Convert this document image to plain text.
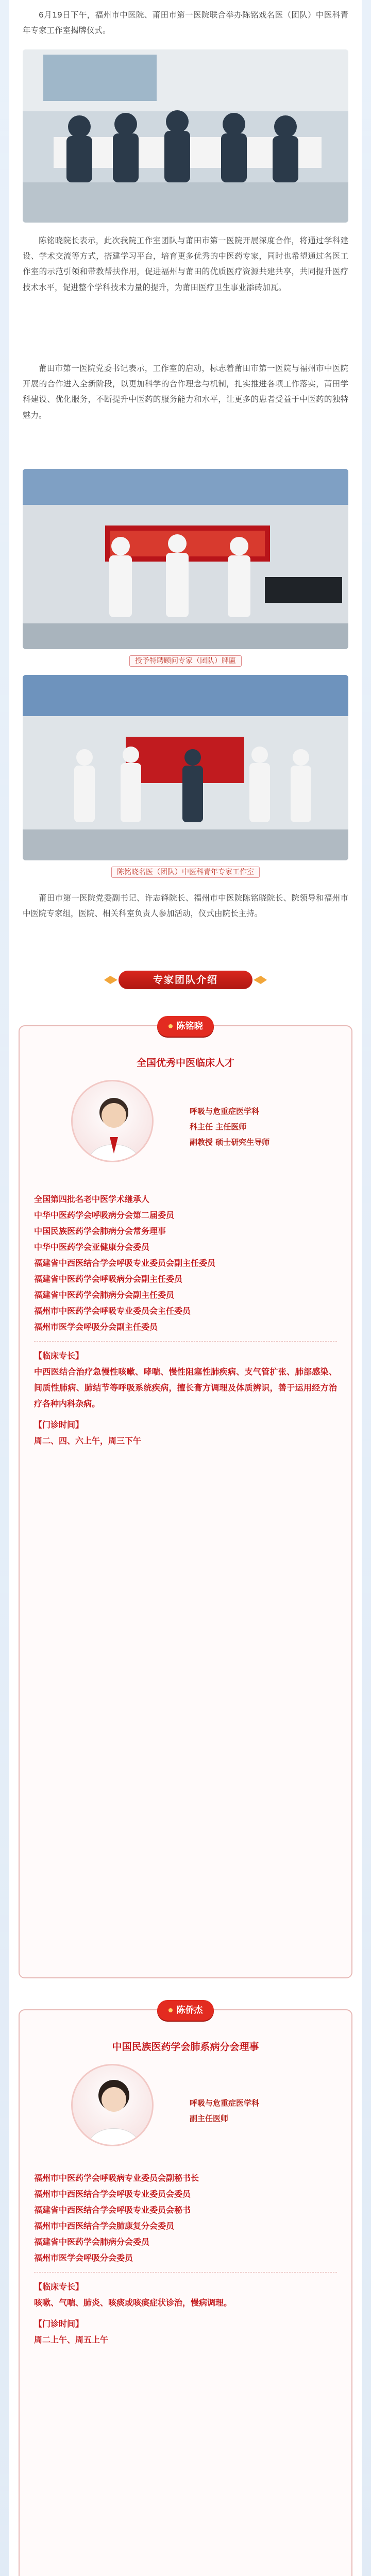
6月19日下午，福州市中医院、莆田市第一医院联合举办陈铭戏名医（团队）中医科青年专家工作室揭牌仪式。

陈铭晓院长表示，此次我院工作室团队与莆田市第一医院开展深度合作，将通过学科建设、学术交流等方式，搭建学习平台，培育更多优秀的中医药专家，同时也希望通过名医工作室的示范引领和带教帮扶作用，促进福州与莆田的优质医疗资源共建共享，共同提升医疗技术水平，促进整个学科技术力量的提升，为莆田医疗卫生事业添砖加瓦。

莆田市第一医院党委书记表示，工作室的启动，标志着莆田市第一医院与福州市中医院开展的合作进入全新阶段，以更加科学的合作理念与机制，扎实推进各项工作落实，莆田学科建设、优化服务，不断提升中医药的服务能力和水平，让更多的患者受益于中医药的独特魅力。

授予特聘顾问专家（团队）牌匾
陈铭晓名医（团队）中医科青年专家工作室

莆田市第一医院党委副书记、许志锋院长、福州市中医院陈铭晓院长、院领导和福州市中医院专家组，医院、相关科室负责人参加活动，仪式由院长主持。

专家团队介绍
陈铭晓
全国优秀中医临床人才
呼吸与危重症医学科
科主任 主任医师
副教授 硕士研究生导师
全国第四批名老中医学术继承人
中华中医药学会呼吸病分会第二届委员
中国民族医药学会肺病分会常务理事
中华中医药学会亚健康分会委员
福建省中西医结合学会呼吸专业委员会副主任委员
福建省中医药学会呼吸病分会副主任委员
福建省中医药学会肺病分会副主任委员
福州市中医药学会呼吸专业委员会主任委员
福州市医学会呼吸分会副主任委员
【临床专长】
中西医结合治疗急慢性咳嗽、哮喘、慢性阻塞性肺疾病、支气管扩张、肺部感染、间质性肺病、肺结节等呼吸系统疾病，擅长膏方调理及体质辨识，善于运用经方治疗各种内科杂病。
【门诊时间】
周二、四、六上午，周三下午
陈侨杰
中国民族医药学会肺系病分会理事
呼吸与危重症医学科
副主任医师
福州市中医药学会呼吸病专业委员会副秘书长
福州市中西医结合学会呼吸专业委员会委员
福建省中西医结合学会呼吸专业委员会秘书
福州市中西医结合学会肺康复分会委员
福建省中医药学会肺病分会委员
福州市医学会呼吸分会委员
【临床专长】
咳嗽、气喘、肺炎、咳痰或咳痰症状诊治，慢病调理。
【门诊时间】
周二上午、周五上午
